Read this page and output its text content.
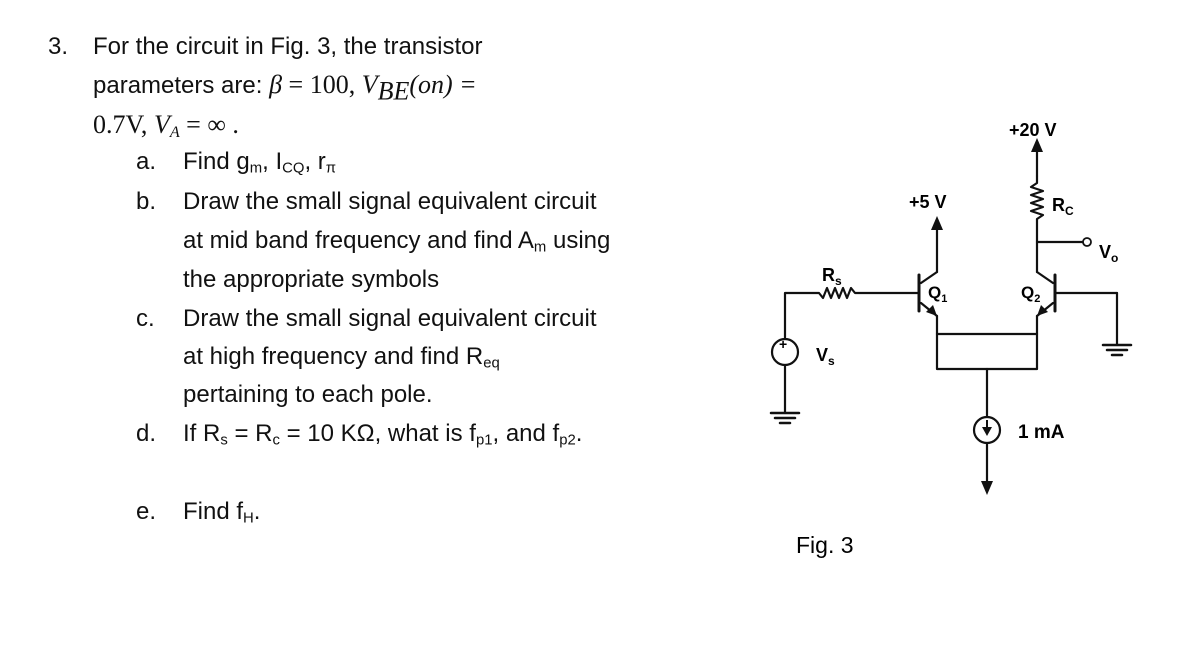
3. For the circuit in Fig. 3, the transistor
parameters are: β = 100, $V_{BE}(on)$ =
0.7V, $V_A$ = ∞ .
a. Find $g_m$, $I_{CQ}$, $r_\pi$
b. Draw the small signal equivalent circuit
at mid band frequency and find $A_m$ using
the appropriate symbols
c. Draw the small signal equivalent circuit
at high frequency and find $R_{eq}$
pertaining to each pole.
d. If $R_s = R_c = 10$ KΩ, what is $f_{p1}$, and $f_{p2}$.
e. Find $f_H$.
+20 V
+5 V	$R_C$
$V_o$
$R_s$
$V_s$
+
$Q_1$	$Q_2$
1 mA
Fig. 3
